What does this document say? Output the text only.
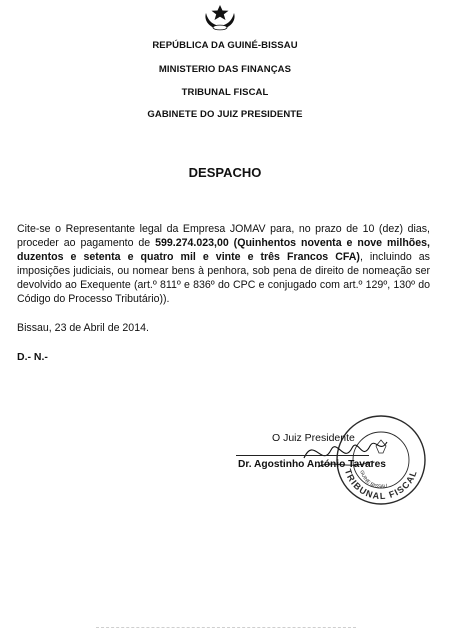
REPÚBLICA DA GUINÉ-BISSAU
MINISTERIO DAS FINANÇAS
TRIBUNAL FISCAL
GABINETE DO JUIZ PRESIDENTE
DESPACHO
Cite-se o Representante legal da Empresa JOMAV para, no prazo de 10 (dez) dias, proceder ao pagamento de 599.274.023,00 (Quinhentos noventa e nove milhões, duzentos e setenta e quatro mil e vinte e três Francos CFA), incluindo as imposições judiciais, ou nomear bens à penhora, sob pena de direito de nomeação ser devolvido ao Exequente (art.º 811º e 836º do CPC e conjugado com art.º 129º, 130º do Código do Processo Tributário)).
Bissau, 23 de Abril de 2014.
D.- N.-
TRIBUNAL FISCAL
GUINE BISSAU
O Juiz Presidente
Dr. Agostinho António Tavares
